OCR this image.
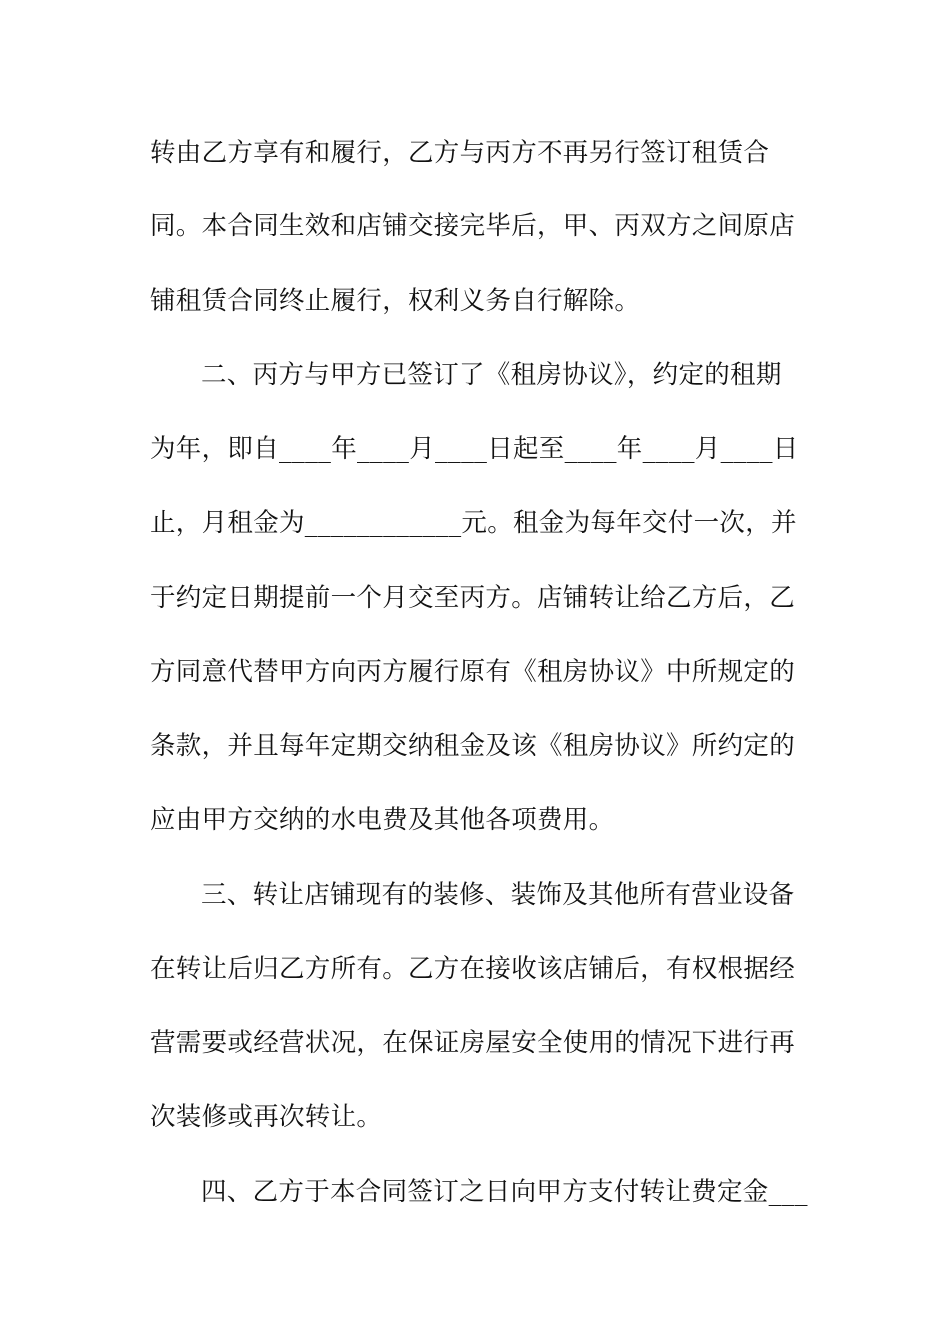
转由乙方享有和履行，乙方与丙方不再另行签订租赁合
同。本合同生效和店铺交接完毕后，甲、丙双方之间原店
铺租赁合同终止履行，权利义务自行解除。
二、丙方与甲方已签订了《租房协议》，约定的租期
为年，即自____年____月____日起至____年____月____日
止，月租金为____________元。租金为每年交付一次，并
于约定日期提前一个月交至丙方。店铺转让给乙方后，乙
方同意代替甲方向丙方履行原有《租房协议》中所规定的
条款，并且每年定期交纳租金及该《租房协议》所约定的
应由甲方交纳的水电费及其他各项费用。
三、转让店铺现有的装修、装饰及其他所有营业设备
在转让后归乙方所有。乙方在接收该店铺后，有权根据经
营需要或经营状况，在保证房屋安全使用的情况下进行再
次装修或再次转让。
四、乙方于本合同签订之日向甲方支付转让费定金___
